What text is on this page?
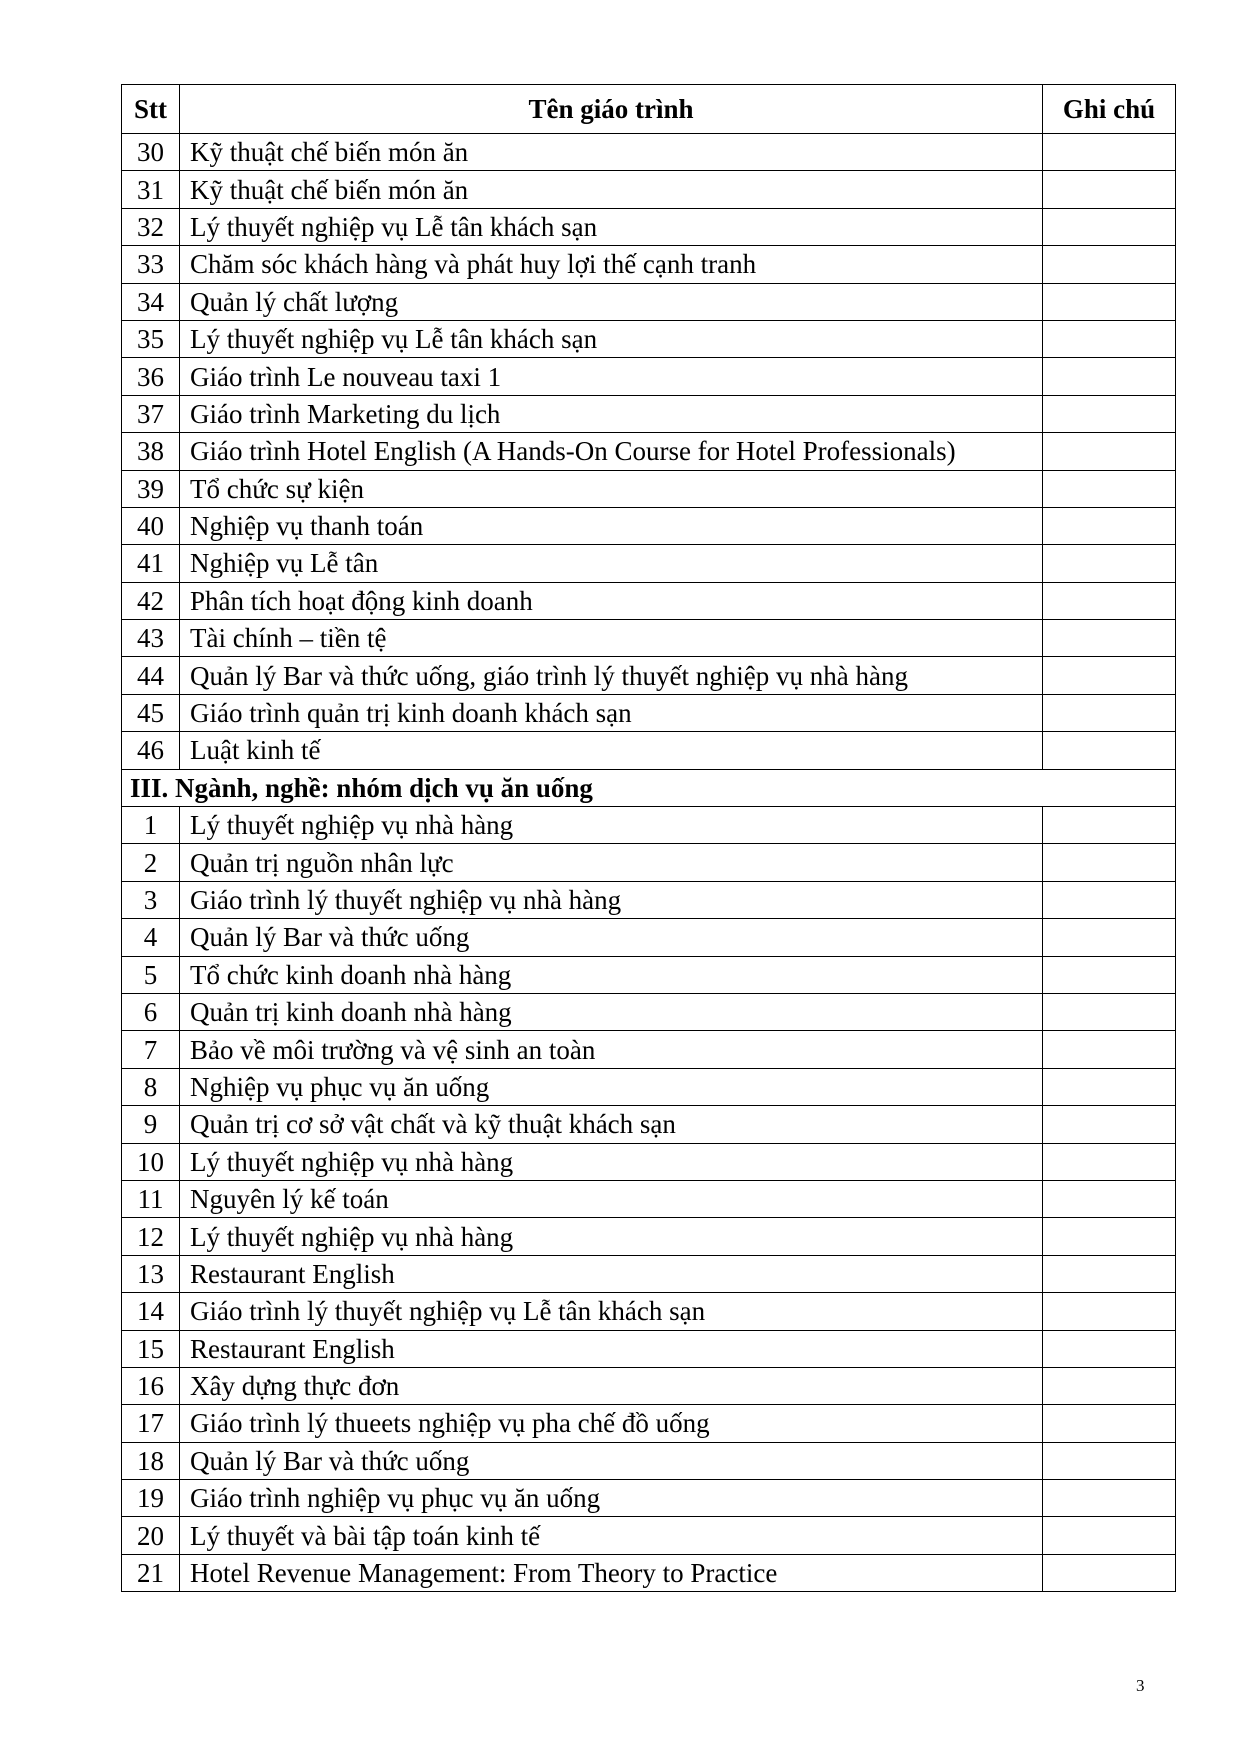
Stt	Tên giáo trình	Ghi chú
30	Kỹ thuật chế biến món ăn	
31	Kỹ thuật chế biến món ăn	
32	Lý thuyết nghiệp vụ Lễ tân khách sạn	
33	Chăm sóc khách hàng và phát huy lợi thế cạnh tranh	
34	Quản lý chất lượng	
35	Lý thuyết nghiệp vụ Lễ tân khách sạn	
36	Giáo trình Le nouveau taxi 1	
37	Giáo trình Marketing du lịch	
38	Giáo trình Hotel English (A Hands-On Course for Hotel Professionals)	
39	Tổ chức sự kiện	
40	Nghiệp vụ thanh toán	
41	Nghiệp vụ Lễ tân	
42	Phân tích hoạt động kinh doanh	
43	Tài chính – tiền tệ	
44	Quản lý Bar và thức uống, giáo trình lý thuyết nghiệp vụ nhà hàng	
45	Giáo trình quản trị kinh doanh khách sạn	
46	Luật kinh tế	
III. Ngành, nghề: nhóm dịch vụ ăn uống		
1	Lý thuyết nghiệp vụ nhà hàng	
2	Quản trị nguồn nhân lực	
3	Giáo trình lý thuyết nghiệp vụ nhà hàng	
4	Quản lý Bar và thức uống	
5	Tổ chức kinh doanh nhà hàng	
6	Quản trị kinh doanh nhà hàng	
7	Bảo về môi trường và vệ sinh an toàn	
8	Nghiệp vụ phục vụ ăn uống	
9	Quản trị cơ sở vật chất và kỹ thuật khách sạn	
10	Lý thuyết nghiệp vụ nhà hàng	
11	Nguyên lý kế toán	
12	Lý thuyết nghiệp vụ nhà hàng	
13	Restaurant English	
14	Giáo trình lý thuyết nghiệp vụ Lễ tân khách sạn	
15	Restaurant English	
16	Xây dựng thực đơn	
17	Giáo trình lý thueets nghiệp vụ pha chế đồ uống	
18	Quản lý Bar và thức uống	
19	Giáo trình nghiệp vụ phục vụ ăn uống	
20	Lý thuyết và bài tập toán kinh tế	
21	Hotel Revenue Management: From Theory to Practice	
3
